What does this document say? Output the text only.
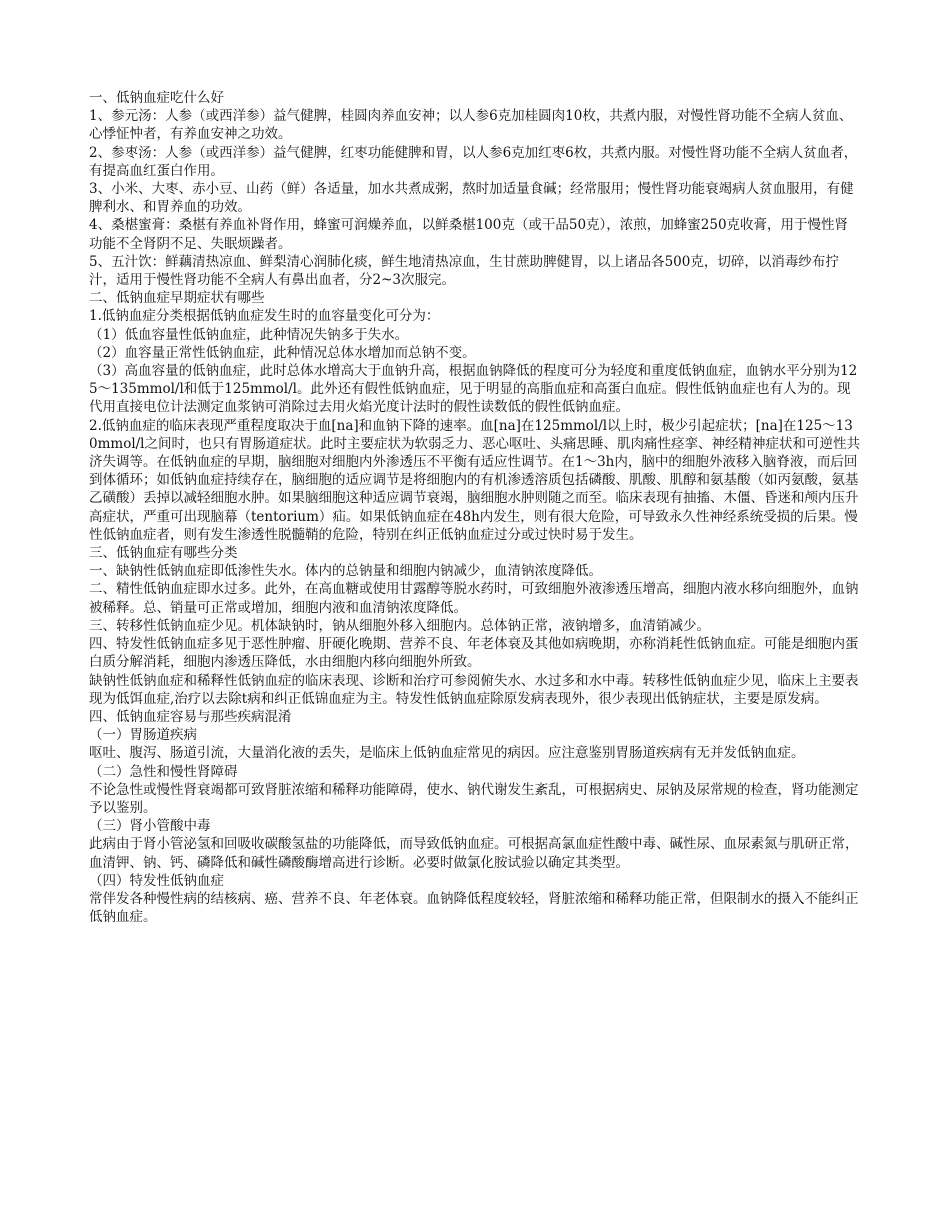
一、低钠血症吃什么好

1、参元汤：人参（或西洋参）益气健脾，桂圆肉养血安神；以人参6克加桂圆肉10枚，共煮内服，对慢性肾功能不全病人贫血、心悸怔忡者，有养血安神之功效。

2、参枣汤：人参（或西洋参）益气健脾，红枣功能健脾和胃，以人参6克加红枣6枚，共煮内服。对慢性肾功能不全病人贫血者，有提高血红蛋白作用。

3、小米、大枣、赤小豆、山药（鲜）各适量，加水共煮成粥，熬时加适量食碱；经常服用；慢性肾功能衰竭病人贫血服用，有健脾利水、和胃养血的功效。

4、桑椹蜜膏：桑椹有养血补肾作用，蜂蜜可润燥养血，以鲜桑椹100克（或干品50克），浓煎，加蜂蜜250克收膏，用于慢性肾功能不全肾阴不足、失眠烦躁者。

5、五汁饮：鲜藕清热凉血、鲜梨清心润肺化痰，鲜生地清热凉血，生甘蔗助脾健胃，以上诸品各500克，切碎，以消毒纱布拧汁，适用于慢性肾功能不全病人有鼻出血者，分2~3次服完。

二、低钠血症早期症状有哪些

1.低钠血症分类根据低钠血症发生时的血容量变化可分为：

（1）低血容量性低钠血症，此种情况失钠多于失水。

（2）血容量正常性低钠血症，此种情况总体水增加而总钠不变。

（3）高血容量的低钠血症，此时总体水增高大于血钠升高，根据血钠降低的程度可分为轻度和重度低钠血症，血钠水平分别为125～135mmol/l和低于125mmol/l。此外还有假性低钠血症，见于明显的高脂血症和高蛋白血症。假性低钠血症也有人为的。现代用直接电位计法测定血浆钠可消除过去用火焰光度计法时的假性读数低的假性低钠血症。

2.低钠血症的临床表现严重程度取决于血[na]和血钠下降的速率。血[na]在125mmol/l以上时，极少引起症状；[na]在125～130mmol/l之间时，也只有胃肠道症状。此时主要症状为软弱乏力、恶心呕吐、头痛思睡、肌肉痛性痉挛、神经精神症状和可逆性共济失调等。在低钠血症的早期，脑细胞对细胞内外渗透压不平衡有适应性调节。在1～3h内，脑中的细胞外液移入脑脊液，而后回到体循环；如低钠血症持续存在，脑细胞的适应调节是将细胞内的有机渗透溶质包括磷酸、肌酸、肌醇和氨基酸（如丙氨酸，氨基乙磺酸）丢掉以减轻细胞水肿。如果脑细胞这种适应调节衰竭，脑细胞水肿则随之而至。临床表现有抽搐、木僵、昏迷和颅内压升高症状，严重可出现脑幕（tentorium）疝。如果低钠血症在48h内发生，则有很大危险，可导致永久性神经系统受损的后果。慢性低钠血症者，则有发生渗透性脱髓鞘的危险，特别在纠正低钠血症过分或过快时易于发生。

三、低钠血症有哪些分类

一、缺钠性低钠血症即低渗性失水。体内的总钠量和细胞内钠减少，血清钠浓度降低。

二、精性低钠血症即水过多。此外，在高血糖或使用甘露醇等脱水药时，可致细胞外液渗透压增高，细胞内液水移向细胞外，血钠被稀释。总、销量可正常或增加，细胞内液和血清钠浓度降低。

三、转移性低钠血症少见。机体缺钠时，钠从细胞外移入细胞内。总体钠正常，液钠增多，血清销减少。

四、特发性低钠血症多见于恶性肿瘤、肝硬化晚期、营养不良、年老体衰及其他如病晚期，亦称消耗性低钠血症。可能是细胞内蛋白质分解消耗，细胞内渗透压降低，水由细胞内移向细胞外所致。

缺钠性低钠血症和稀释性低钠血症的临床表现、诊断和治疗可参阅俯失水、水过多和水中毒。转移性低钠血症少见，临床上主要表现为低饵血症,治疗以去除t病和纠正低锦血症为主。特发性低钠血症除原发病表现外，很少表现出低钠症状，主要是原发病。

四、低钠血症容易与那些疾病混淆

（一）胃肠道疾病

呕吐、腹泻、肠道引流，大量消化液的丢失，是临床上低钠血症常见的病因。应注意鉴别胃肠道疾病有无并发低钠血症。

（二）急性和慢性肾障碍

不论急性或慢性肾衰竭都可致肾脏浓缩和稀释功能障碍，使水、钠代谢发生紊乱，可根据病史、尿钠及尿常规的检查，肾功能测定予以鉴别。

（三）肾小管酸中毒

此病由于肾小管泌氢和回吸收碳酸氢盐的功能降低，而导致低钠血症。可根据高氯血症性酸中毒、碱性尿、血尿素氮与肌研正常，血清钾、钠、钙、磷降低和碱性磷酸酶增高进行诊断。必要时做氯化胺试验以确定其类型。

（四）特发性低钠血症

常伴发各种慢性病的结核病、癌、营养不良、年老体衰。血钠降低程度较轻，肾脏浓缩和稀释功能正常，但限制水的摄入不能纠正低钠血症。
